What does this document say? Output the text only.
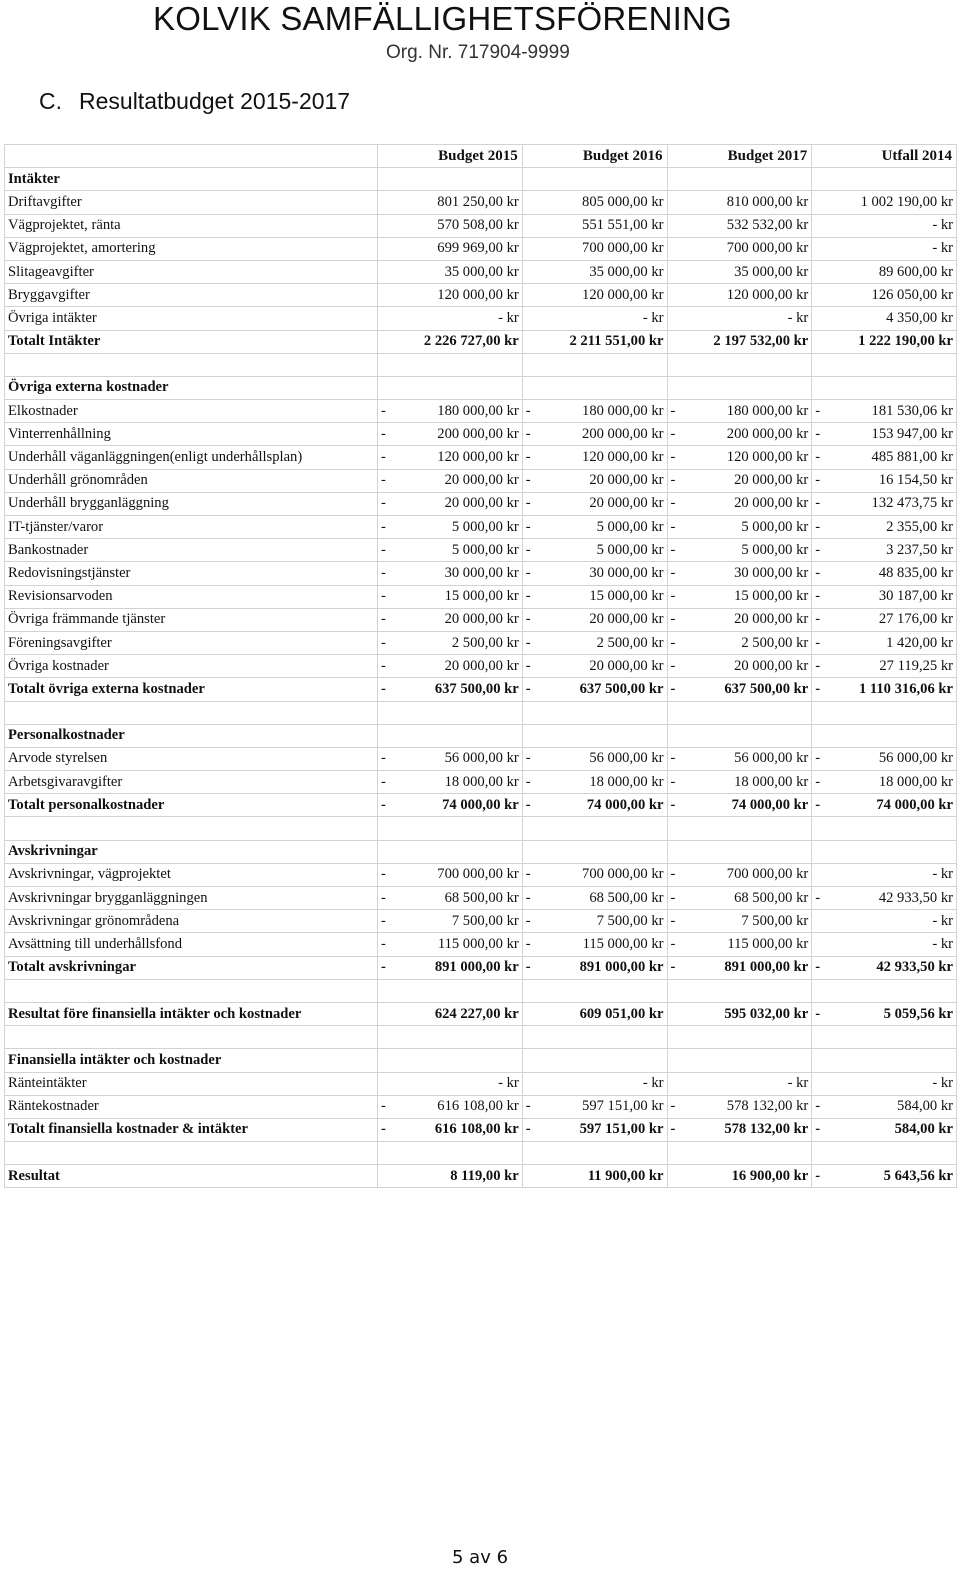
KOLVIK SAMFÄLLIGHETSFÖRENING
Org. Nr. 717904-9999
C. Resultatbudget 2015-2017
	Budget 2015	Budget 2016	Budget 2017	Utfall 2014
Intäkter				
Driftavgifter	801 250,00 kr	805 000,00 kr	810 000,00 kr	1 002 190,00 kr

Vägprojektet, ränta	570 508,00 kr	551 551,00 kr	532 532,00 kr	- kr

Vägprojektet, amortering	699 969,00 kr	700 000,00 kr	700 000,00 kr	- kr

Slitageavgifter	35 000,00 kr	35 000,00 kr	35 000,00 kr	89 600,00 kr

Bryggavgifter	120 000,00 kr	120 000,00 kr	120 000,00 kr	126 050,00 kr

Övriga intäkter	- kr	- kr	- kr	4 350,00 kr

Totalt Intäkter	2 226 727,00 kr	2 211 551,00 kr	2 197 532,00 kr	1 222 190,00 kr

Övriga externa kostnader				
Elkostnader	- 180 000,00 kr	- 180 000,00 kr	- 180 000,00 kr	- 181 530,06 kr

Vinterrenhållning	- 200 000,00 kr	- 200 000,00 kr	- 200 000,00 kr	- 153 947,00 kr

Underhåll väganläggningen(enligt underhållsplan)	- 120 000,00 kr	- 120 000,00 kr	- 120 000,00 kr	- 485 881,00 kr

Underhåll grönområden	- 20 000,00 kr	- 20 000,00 kr	- 20 000,00 kr	- 16 154,50 kr

Underhåll brygganläggning	- 20 000,00 kr	- 20 000,00 kr	- 20 000,00 kr	- 132 473,75 kr

IT-tjänster/varor	- 5 000,00 kr	- 5 000,00 kr	- 5 000,00 kr	- 2 355,00 kr

Bankostnader	- 5 000,00 kr	- 5 000,00 kr	- 5 000,00 kr	- 3 237,50 kr

Redovisningstjänster	- 30 000,00 kr	- 30 000,00 kr	- 30 000,00 kr	- 48 835,00 kr

Revisionsarvoden	- 15 000,00 kr	- 15 000,00 kr	- 15 000,00 kr	- 30 187,00 kr

Övriga främmande tjänster	- 20 000,00 kr	- 20 000,00 kr	- 20 000,00 kr	- 27 176,00 kr

Föreningsavgifter	- 2 500,00 kr	- 2 500,00 kr	- 2 500,00 kr	- 1 420,00 kr

Övriga kostnader	- 20 000,00 kr	- 20 000,00 kr	- 20 000,00 kr	- 27 119,25 kr

Totalt övriga externa kostnader	- 637 500,00 kr	- 637 500,00 kr	- 637 500,00 kr	- 1 110 316,06 kr

Personalkostnader				
Arvode styrelsen	- 56 000,00 kr	- 56 000,00 kr	- 56 000,00 kr	- 56 000,00 kr

Arbetsgivaravgifter	- 18 000,00 kr	- 18 000,00 kr	- 18 000,00 kr	- 18 000,00 kr

Totalt personalkostnader	- 74 000,00 kr	- 74 000,00 kr	- 74 000,00 kr	- 74 000,00 kr

Avskrivningar				
Avskrivningar, vägprojektet	- 700 000,00 kr	- 700 000,00 kr	- 700 000,00 kr	- kr

Avskrivningar brygganläggningen	- 68 500,00 kr	- 68 500,00 kr	- 68 500,00 kr	- 42 933,50 kr

Avskrivningar grönområdena	- 7 500,00 kr	- 7 500,00 kr	- 7 500,00 kr	- kr

Avsättning till underhållsfond	- 115 000,00 kr	- 115 000,00 kr	- 115 000,00 kr	- kr

Totalt avskrivningar	- 891 000,00 kr	- 891 000,00 kr	- 891 000,00 kr	- 42 933,50 kr

Resultat före finansiella intäkter och kostnader	624 227,00 kr	609 051,00 kr	595 032,00 kr	- 5 059,56 kr

Finansiella intäkter och kostnader				
Ränteintäkter	- kr	- kr	- kr	- kr

Räntekostnader	- 616 108,00 kr	- 597 151,00 kr	- 578 132,00 kr	- 584,00 kr

Totalt finansiella kostnader & intäkter	- 616 108,00 kr	- 597 151,00 kr	- 578 132,00 kr	- 584,00 kr

Resultat	8 119,00 kr	11 900,00 kr	16 900,00 kr	- 5 643,56 kr
5 av 6
